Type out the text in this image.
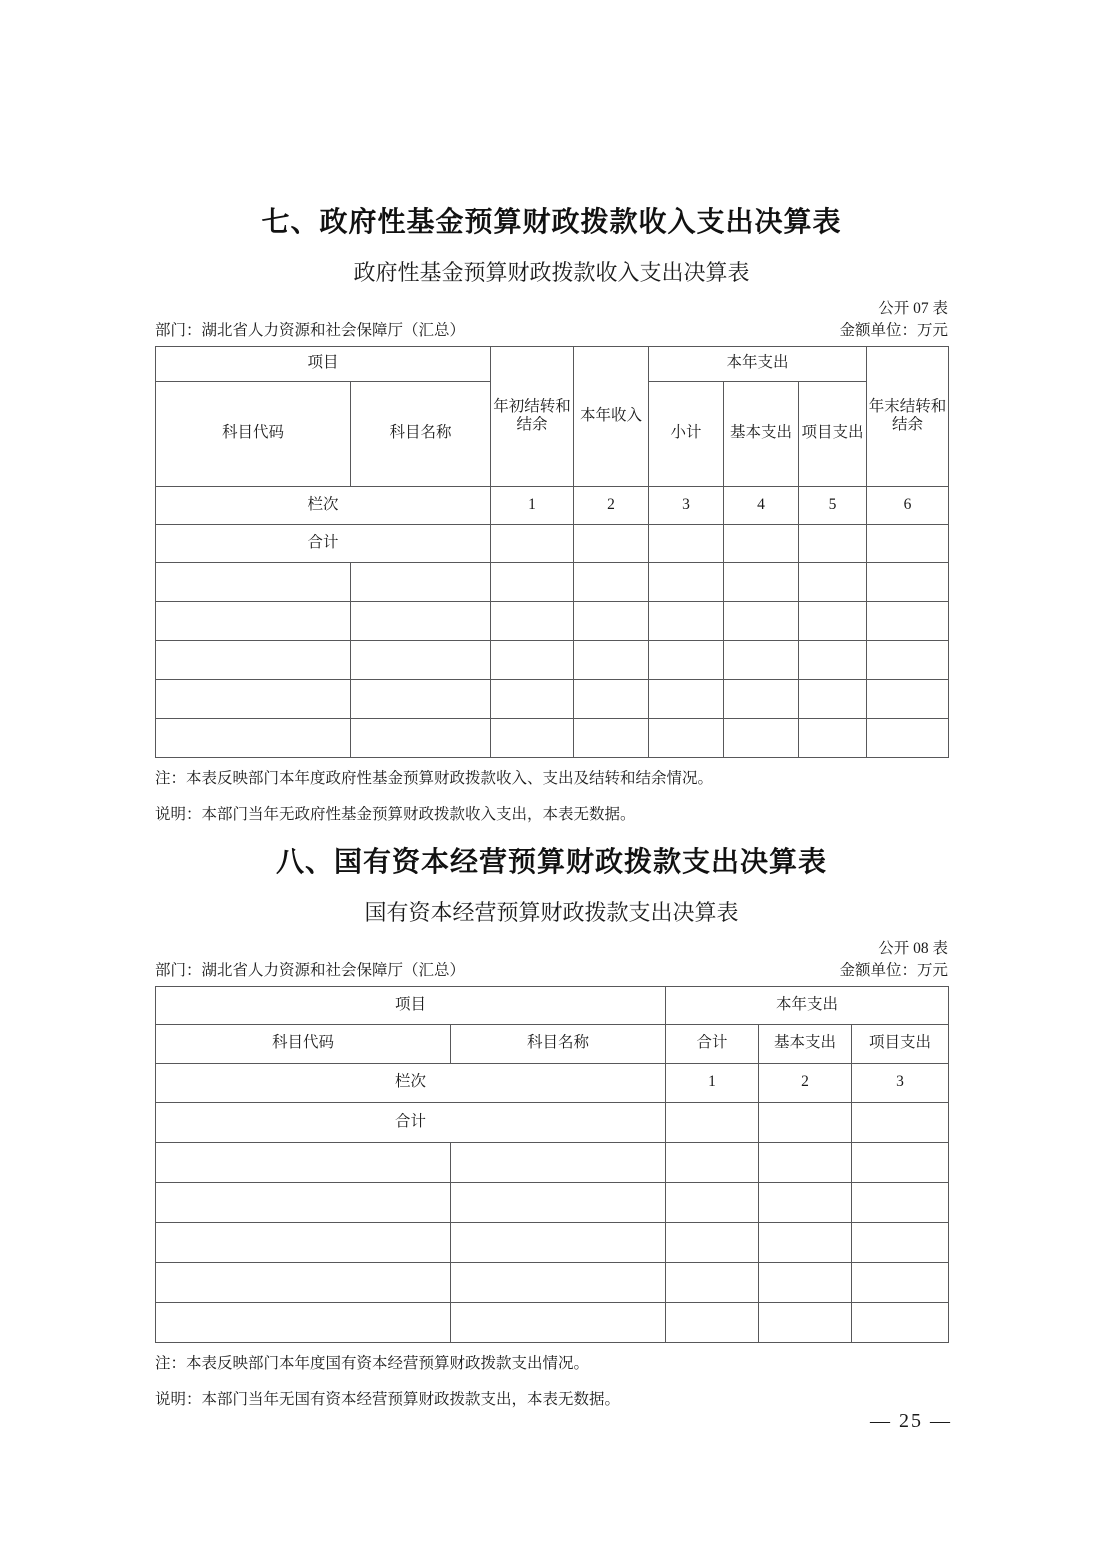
七、政府性基金预算财政拨款收入支出决算表
政府性基金预算财政拨款收入支出决算表
公开 07 表
部门：湖北省人力资源和社会保障厅（汇总）	金额单位：万元
项目		年初结转和结余	本年收入	本年支出			年末结转和结余
科目代码	科目名称			小计	基本支出	项目支出	
栏次		1	2	3	4	5	6
合计							

注：本表反映部门本年度政府性基金预算财政拨款收入、支出及结转和结余情况。

说明：本部门当年无政府性基金预算财政拨款收入支出，本表无数据。

八、国有资本经营预算财政拨款支出决算表
国有资本经营预算财政拨款支出决算表
公开 08 表
部门：湖北省人力资源和社会保障厅（汇总）	金额单位：万元
项目		本年支出		
科目代码	科目名称	合计	基本支出	项目支出
栏次		1	2	3
合计				

注：本表反映部门本年度国有资本经营预算财政拨款支出情况。

说明：本部门当年无国有资本经营预算财政拨款支出，本表无数据。

— 25 —
